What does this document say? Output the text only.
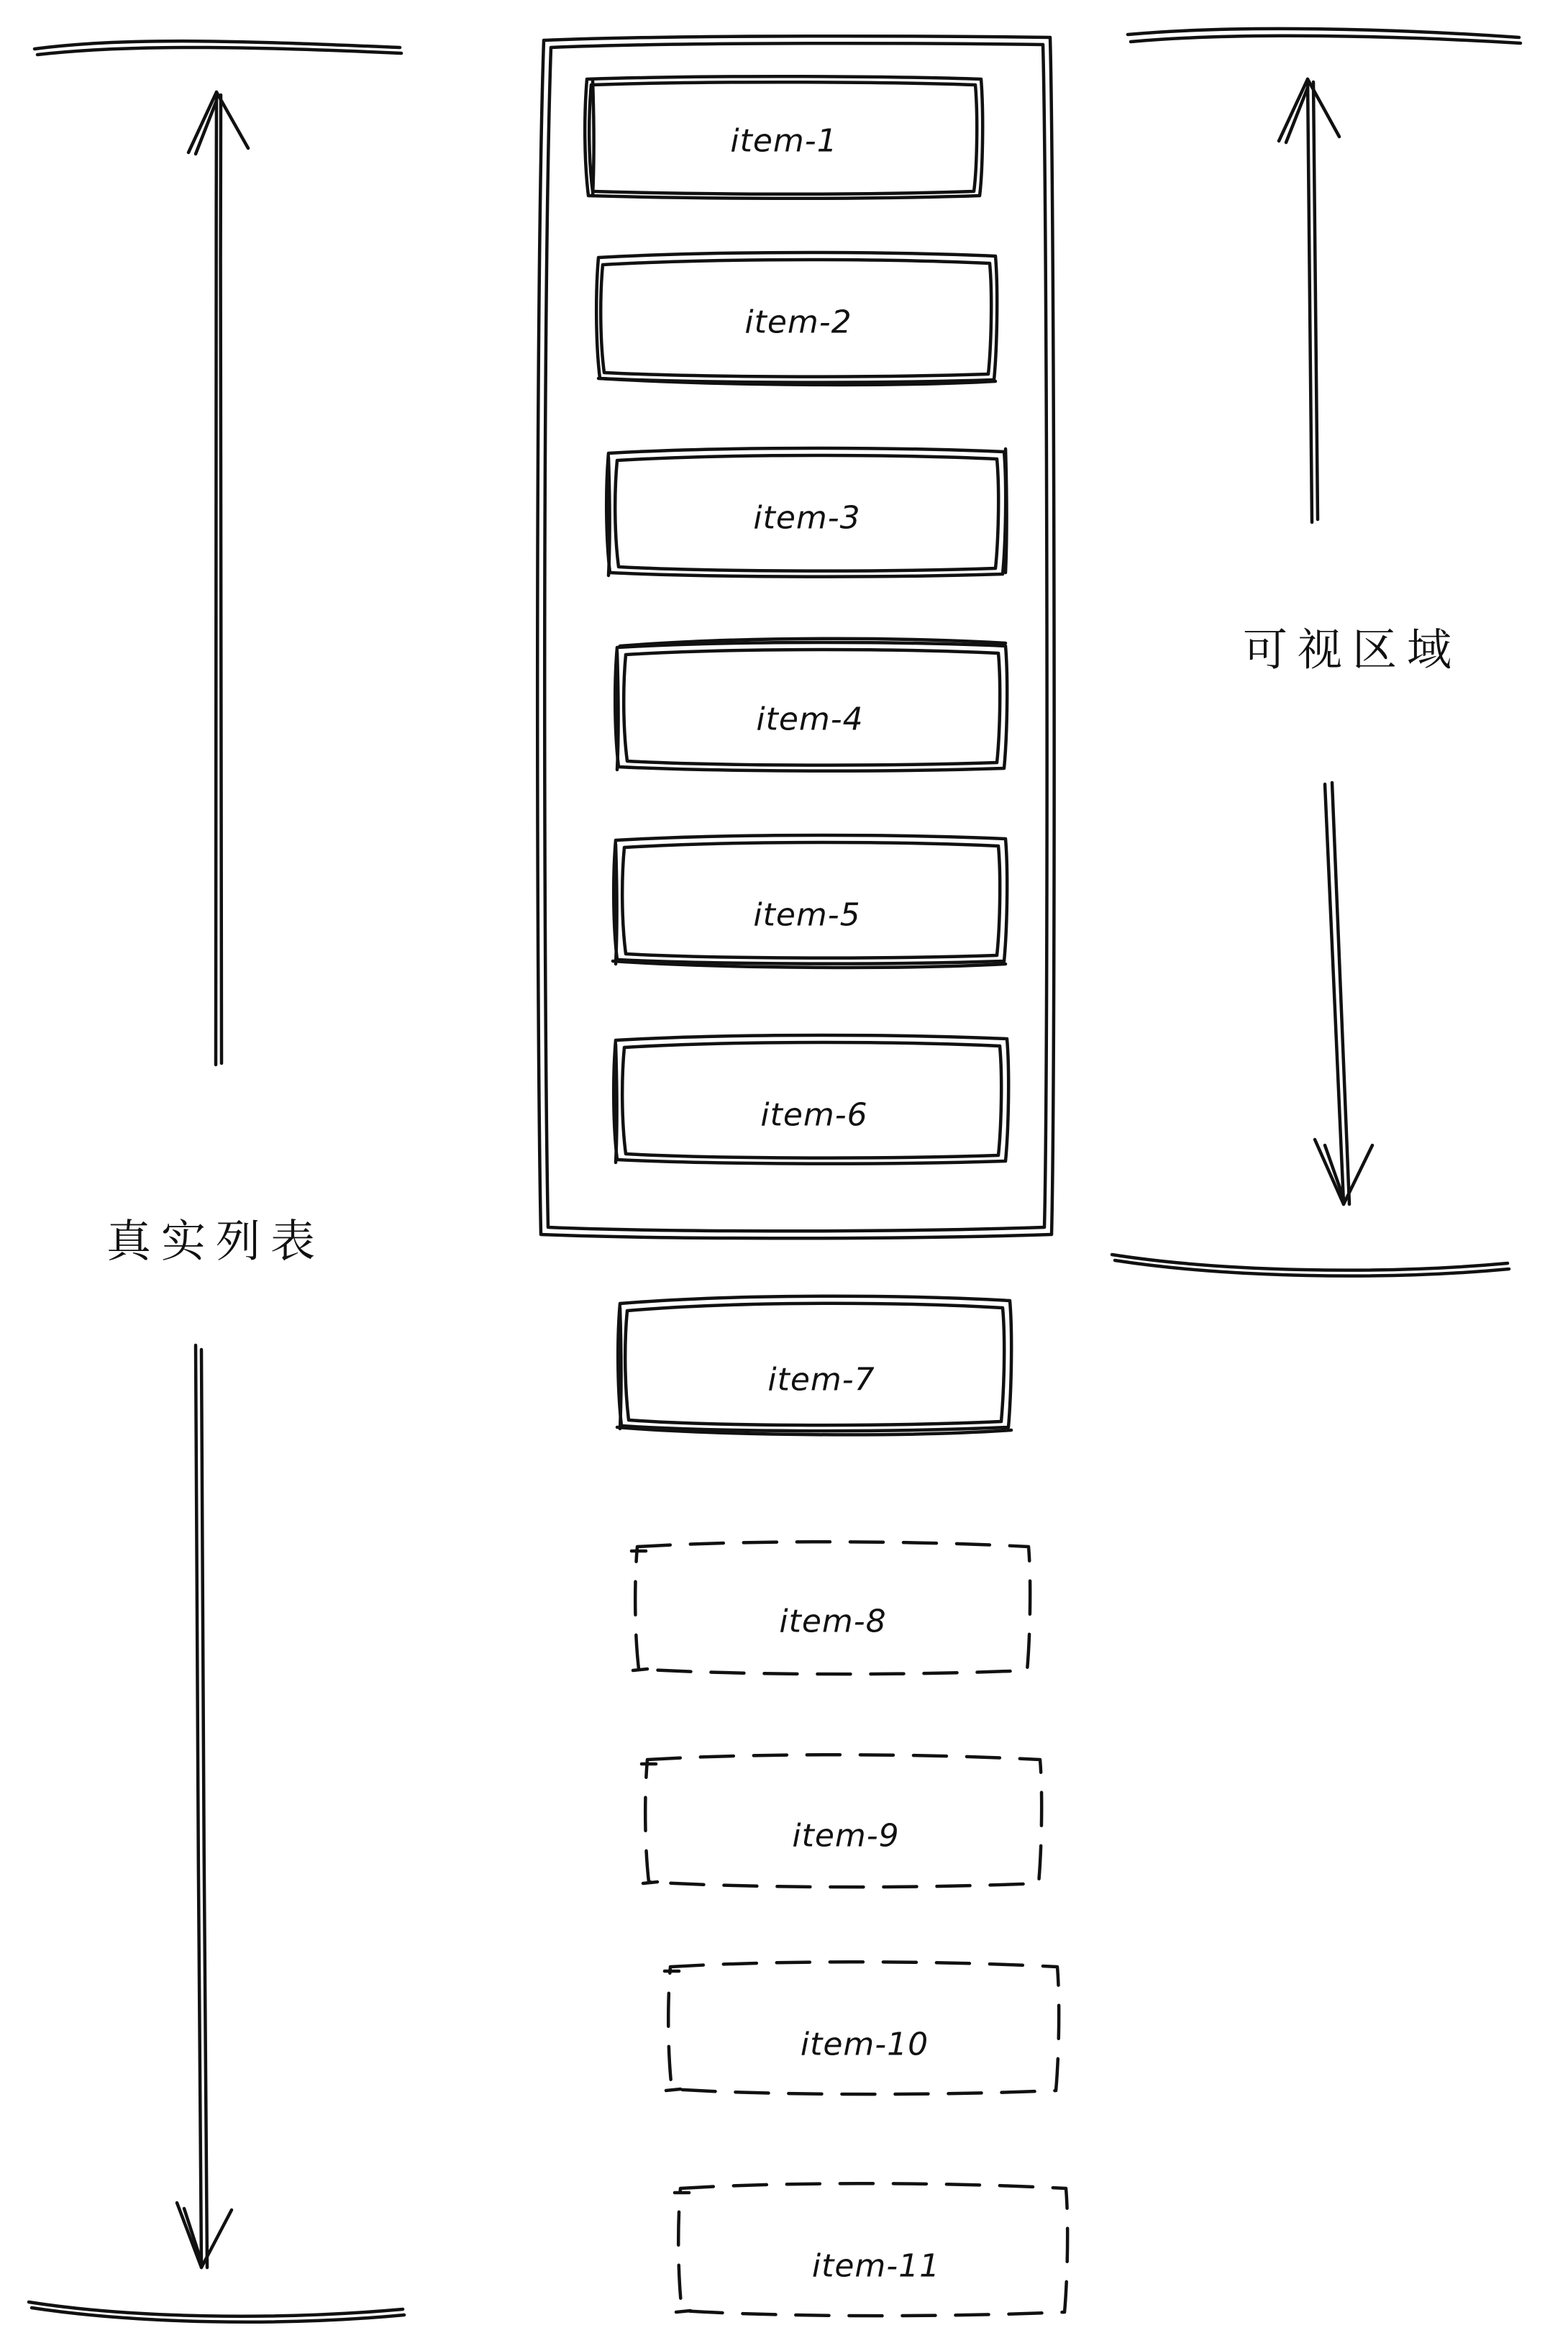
item-1
item-2
item-3
item-4
item-5
item-6
item-7
item-8
item-9
item-10
item-11
真实列表
可视区域
